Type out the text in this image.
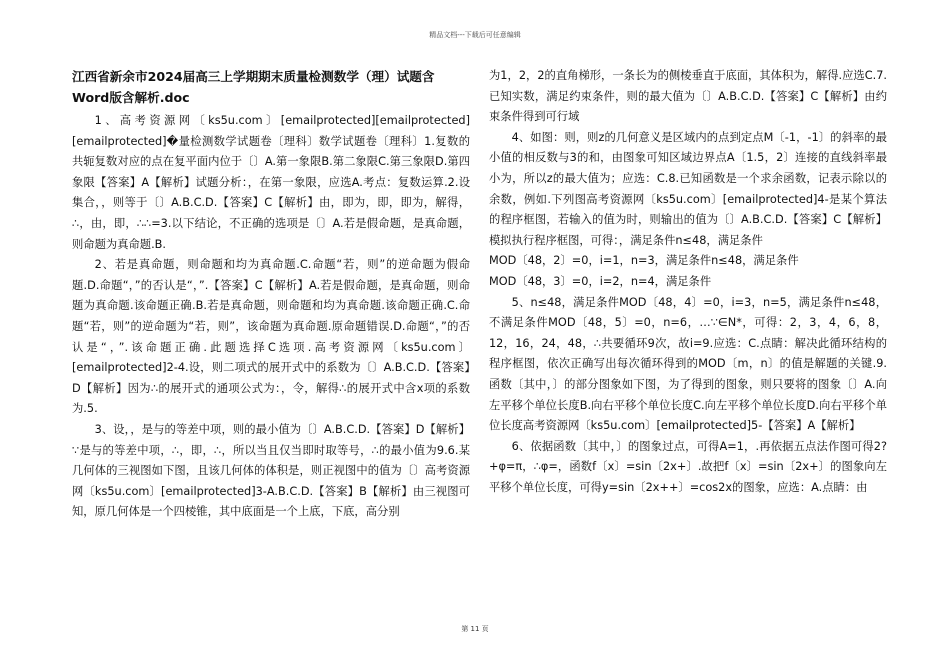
精品文档---下载后可任意编辑
江西省新余市2024届高三上学期期末质量检测数学（理）试题含Word版含解析.doc

1、高考资源网〔ks5u.com〕[emailprotected][emailprotected][emailprotected]�量检测数学试题卷〔理科〕数学试题卷〔理科〕1.复数的共轭复数对应的点在复平面内位于〔〕A.第一象限B.第二象限C.第三象限D.第四象限【答案】A【解析】试题分析：，在第一象限，应选A.考点：复数运算.2.设集合，，则等于〔〕A.B.C.D.【答案】C【解析】由，即为，即，即为，解得，∴，由，即，∴∴=3.以下结论，不正确的选项是〔〕A.若是假命题，是真命题，则命题为真命题.B.

2、若是真命题，则命题和均为真命题.C.命题“若，则”的逆命题为假命题.D.命题“，”的否认是“，”.【答案】C【解析】A.若是假命题，是真命题，则命题为真命题.该命题正确.B.若是真命题，则命题和均为真命题.该命题正确.C.命题“若，则”的逆命题为“若，则”，该命题为真命题.原命题错误.D.命题“，”的否认是“，”.该命题正确.此题选择C选项.高考资源网〔ks5u.com〕[emailprotected]2-4.设，则二项式的展开式中的系数为〔〕A.B.C.D.【答案】D【解析】因为∴的展开式的通项公式为：，令，解得∴的展开式中含x项的系数为.5.

3、设，，是与的等差中项，则的最小值为〔〕A.B.C.D.【答案】D【解析】∵是与的等差中项，∴，即，∴，所以当且仅当即时取等号，∴的最小值为9.6.某几何体的三视图如下图，且该几何体的体积是，则正视图中的值为〔〕高考资源网〔ks5u.com〕[emailprotected]3-A.B.C.D.【答案】B【解析】由三视图可知，原几何体是一个四棱锥，其中底面是一个上底，下底，高分别

为1，2，2的直角梯形，一条长为的侧棱垂直于底面，其体积为，解得.应选C.7.已知实数，满足约束条件，则的最大值为〔〕A.B.C.D.【答案】C【解析】由约束条件得到可行域

4、如图：则，则z的几何意义是区域内的点到定点M〔-1，-1〕的斜率的最小值的相反数与3的和，由图象可知区域边界点A〔1.5，2〕连接的直线斜率最小为，所以z的最大值为；应选：C.8.已知函数是一个求余函数，记表示除以的余数，例如.下列图高考资源网〔ks5u.com〕[emailprotected]4-是某个算法的程序框图，若输入的值为时，则输出的值为〔〕A.B.C.D.【答案】C【解析】模拟执行程序框图，可得：，满足条件n≤48，满足条件

MOD〔48，2〕=0，i=1，n=3，满足条件n≤48，满足条件

MOD〔48，3〕=0，i=2，n=4，满足条件

5、n≤48，满足条件MOD〔48，4〕=0，i=3，n=5，满足条件n≤48，不满足条件MOD〔48，5〕=0，n=6，…∵∈N*，可得：2，3，4，6，8，12，16，24，48，∴共要循环9次，故i=9.应选：C.点睛：解决此循环结构的程序框图，依次正确写出每次循环得到的MOD〔m，n〕的值是解题的关键.9.函数〔其中，〕的部分图象如下图，为了得到的图象，则只要将的图象〔〕A.向左平移个单位长度B.向右平移个单位长度C.向左平移个单位长度D.向右平移个单位长度高考资源网〔ks5u.com〕[emailprotected]5-【答案】A【解析】

6、依据函数〔其中，〕的图象过点，可得A=1，.再依据五点法作图可得2?+φ=π，∴φ=，函数f〔x〕=sin〔2x+〕.故把f〔x〕=sin〔2x+〕的图象向左平移个单位长度，可得y=sin〔2x++〕=cos2x的图象，应选：A.点睛：由

第 11 页
